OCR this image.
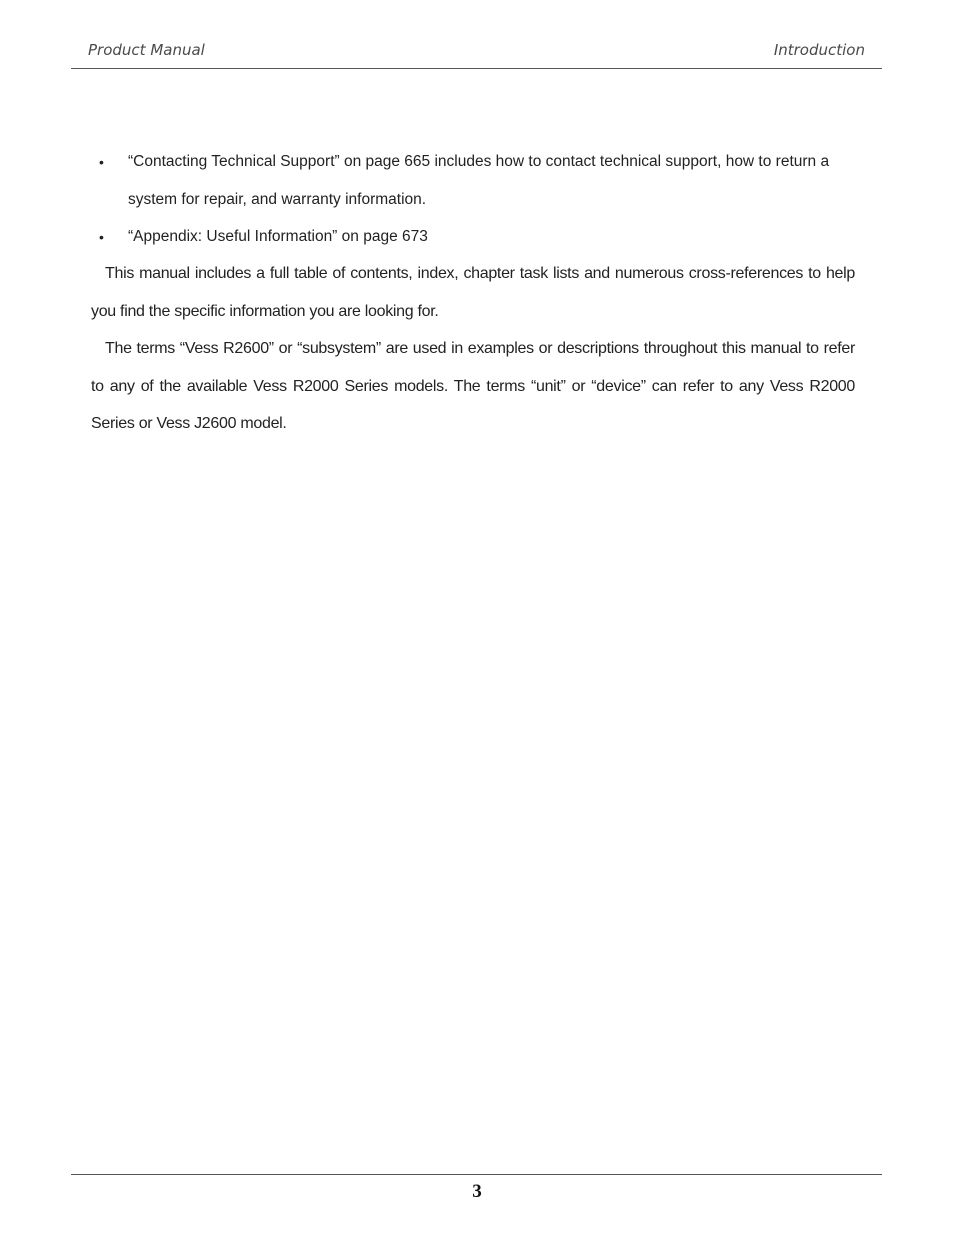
Product Manual	Introduction
• “Contacting Technical Support” on page 665 includes how to contact technical support, how to return a system for repair, and warranty information.
• “Appendix: Useful Information” on page 673

This manual includes a full table of contents, index, chapter task lists and numerous cross-references to help you find the specific information you are looking for.

The terms “Vess R2600” or “subsystem” are used in examples or descriptions throughout this manual to refer to any of the available Vess R2000 Series models. The terms “unit” or “device” can refer to any Vess R2000 Series or Vess J2600 model.

3
